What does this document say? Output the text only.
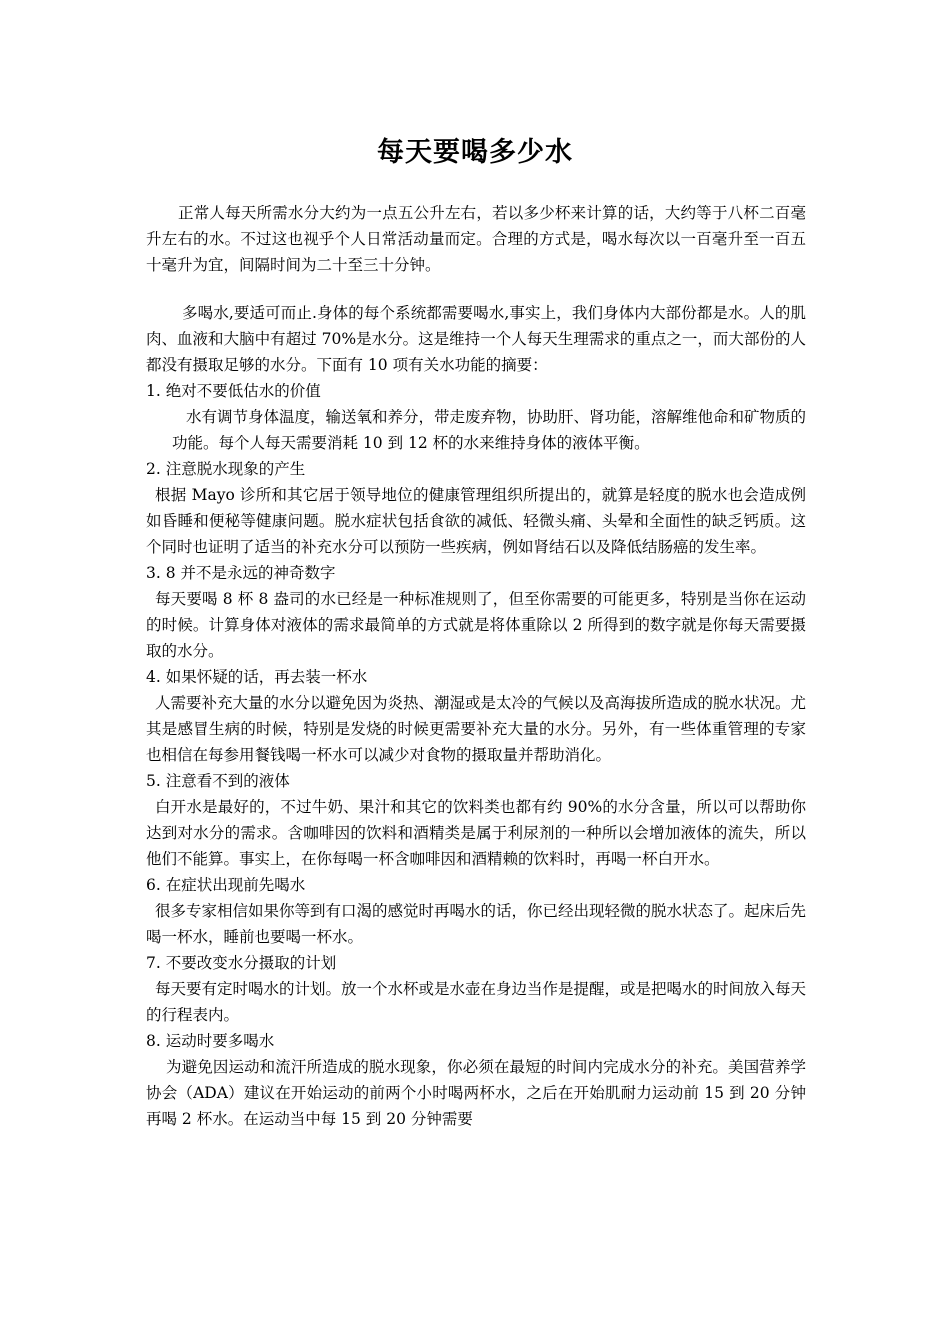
每天要喝多少水

正常人每天所需水分大约为一点五公升左右，若以多少杯来计算的话，大约等于八杯二百毫升左右的水。不过这也视乎个人日常活动量而定。合理的方式是，喝水每次以一百毫升至一百五十毫升为宜，间隔时间为二十至三十分钟。

多喝水,要适可而止.身体的每个系统都需要喝水,事实上，我们身体内大部份都是水。人的肌肉、血液和大脑中有超过 70%是水分。这是维持一个人每天生理需求的重点之一，而大部份的人都没有摄取足够的水分。下面有 10 项有关水功能的摘要：

1. 绝对不要低估水的价值

水有调节身体温度，输送氧和养分，带走废弃物，协助肝、肾功能，溶解维他命和矿物质的功能。每个人每天需要消耗 10 到 12 杯的水来维持身体的液体平衡。

2. 注意脱水现象的产生

根据 Mayo 诊所和其它居于领导地位的健康管理组织所提出的，就算是轻度的脱水也会造成例如昏睡和便秘等健康问题。脱水症状包括食欲的减低、轻微头痛、头晕和全面性的缺乏钙质。这个同时也证明了适当的补充水分可以预防一些疾病，例如肾结石以及降低结肠癌的发生率。

3. 8 并不是永远的神奇数字

每天要喝 8 杯 8 盎司的水已经是一种标准规则了，但至你需要的可能更多，特别是当你在运动的时候。计算身体对液体的需求最简单的方式就是将体重除以 2 所得到的数字就是你每天需要摄取的水分。

4. 如果怀疑的话，再去装一杯水

人需要补充大量的水分以避免因为炎热、潮湿或是太冷的气候以及高海拔所造成的脱水状况。尤其是感冒生病的时候，特别是发烧的时候更需要补充大量的水分。另外，有一些体重管理的专家也相信在每参用餐钱喝一杯水可以减少对食物的摄取量并帮助消化。

5. 注意看不到的液体

白开水是最好的，不过牛奶、果汁和其它的饮料类也都有约 90%的水分含量，所以可以帮助你达到对水分的需求。含咖啡因的饮料和酒精类是属于利尿剂的一种所以会增加液体的流失，所以他们不能算。事实上，在你每喝一杯含咖啡因和酒精赖的饮料时，再喝一杯白开水。

6. 在症状出现前先喝水

很多专家相信如果你等到有口渴的感觉时再喝水的话，你已经出现轻微的脱水状态了。起床后先喝一杯水，睡前也要喝一杯水。

7. 不要改变水分摄取的计划

每天要有定时喝水的计划。放一个水杯或是水壶在身边当作是提醒，或是把喝水的时间放入每天的行程表内。

8. 运动时要多喝水

为避免因运动和流汗所造成的脱水现象，你必须在最短的时间内完成水分的补充。美国营养学协会（ADA）建议在开始运动的前两个小时喝两杯水，之后在开始肌耐力运动前 15 到 20 分钟再喝 2 杯水。在运动当中每 15 到 20 分钟需要
